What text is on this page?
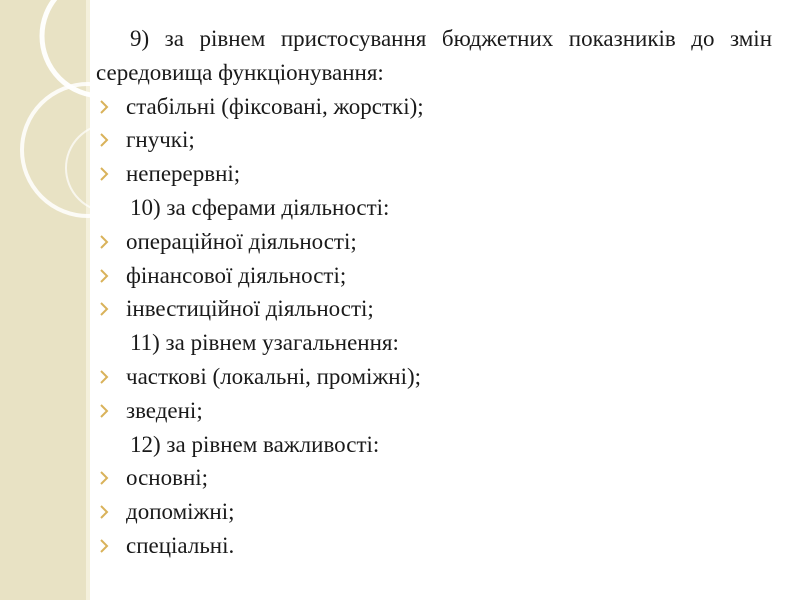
9) за рівнем пристосування бюджетних показників до змін середовища функціонування:

стабільні (фіксовані, жорсткі);

гнучкі;

неперервні;

10) за сферами діяльності:

операційної діяльності;

фінансової діяльності;

інвестиційної діяльності;

11) за рівнем узагальнення:

часткові (локальні, проміжні);

зведені;

12) за рівнем важливості:

основні;

допоміжні;

спеціальні.
